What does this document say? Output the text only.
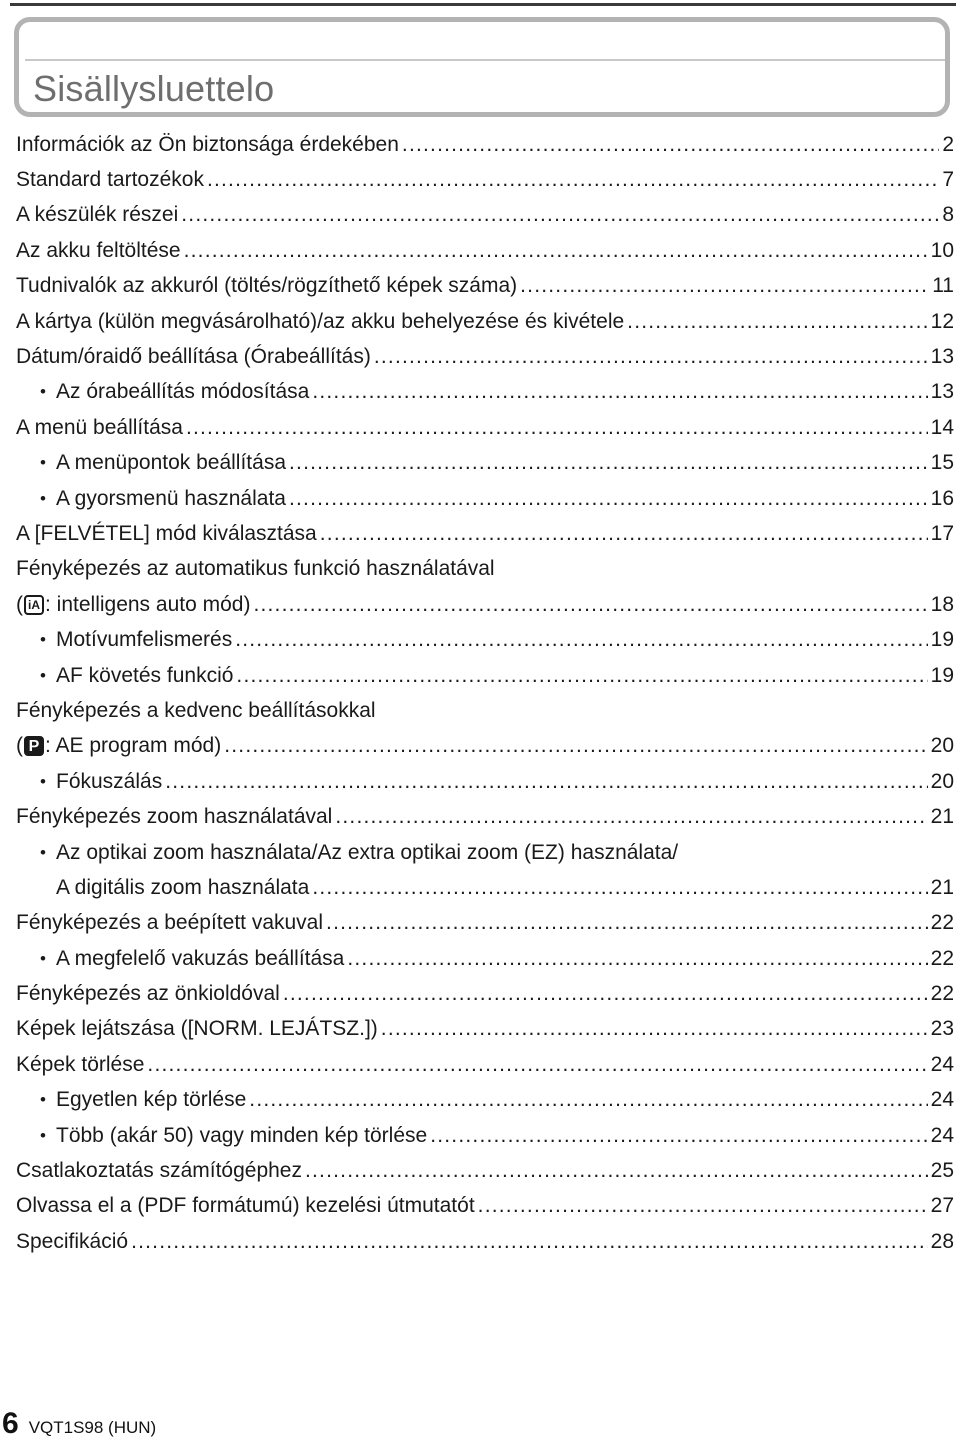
Sisällysluettelo
Információk az Ön biztonsága érdekében .....	2
Standard tartozékok .....	7
A készülék részei .....	8
Az akku feltöltése .....	10
Tudnivalók az akkuról (töltés/rögzíthető képek száma) .....	11
A kártya (külön megvásárolható)/az akku behelyezése és kivétele .....	12
Dátum/óraidő beállítása (Órabeállítás) .....	13
• Az órabeállítás módosítása .....	13
A menü beállítása .....	14
• A menüpontok beállítása .....	15
• A gyorsmenü használata .....	16
A [FELVÉTEL] mód kiválasztása .....	17
Fényképezés az automatikus funkció használatával
( iA : intelligens auto mód) .....	18
• Motívumfelismerés .....	19
• AF követés funkció .....	19
Fényképezés a kedvenc beállításokkal
( P : AE program mód) .....	20
• Fókuszálás .....	20
Fényképezés zoom használatával .....	21
• Az optikai zoom használata/Az extra optikai zoom (EZ) használata/
A digitális zoom használata .....	21
Fényképezés a beépített vakuval .....	22
• A megfelelő vakuzás beállítása .....	22
Fényképezés az önkioldóval .....	22
Képek lejátszása ([NORM. LEJÁTSZ.]) .....	23
Képek törlése .....	24
• Egyetlen kép törlése .....	24
• Több (akár 50) vagy minden kép törlése .....	24
Csatlakoztatás számítógéphez .....	25
Olvassa el a (PDF formátumú) kezelési útmutatót .....	27
Specifikáció .....	28
6 VQT1S98 (HUN)
